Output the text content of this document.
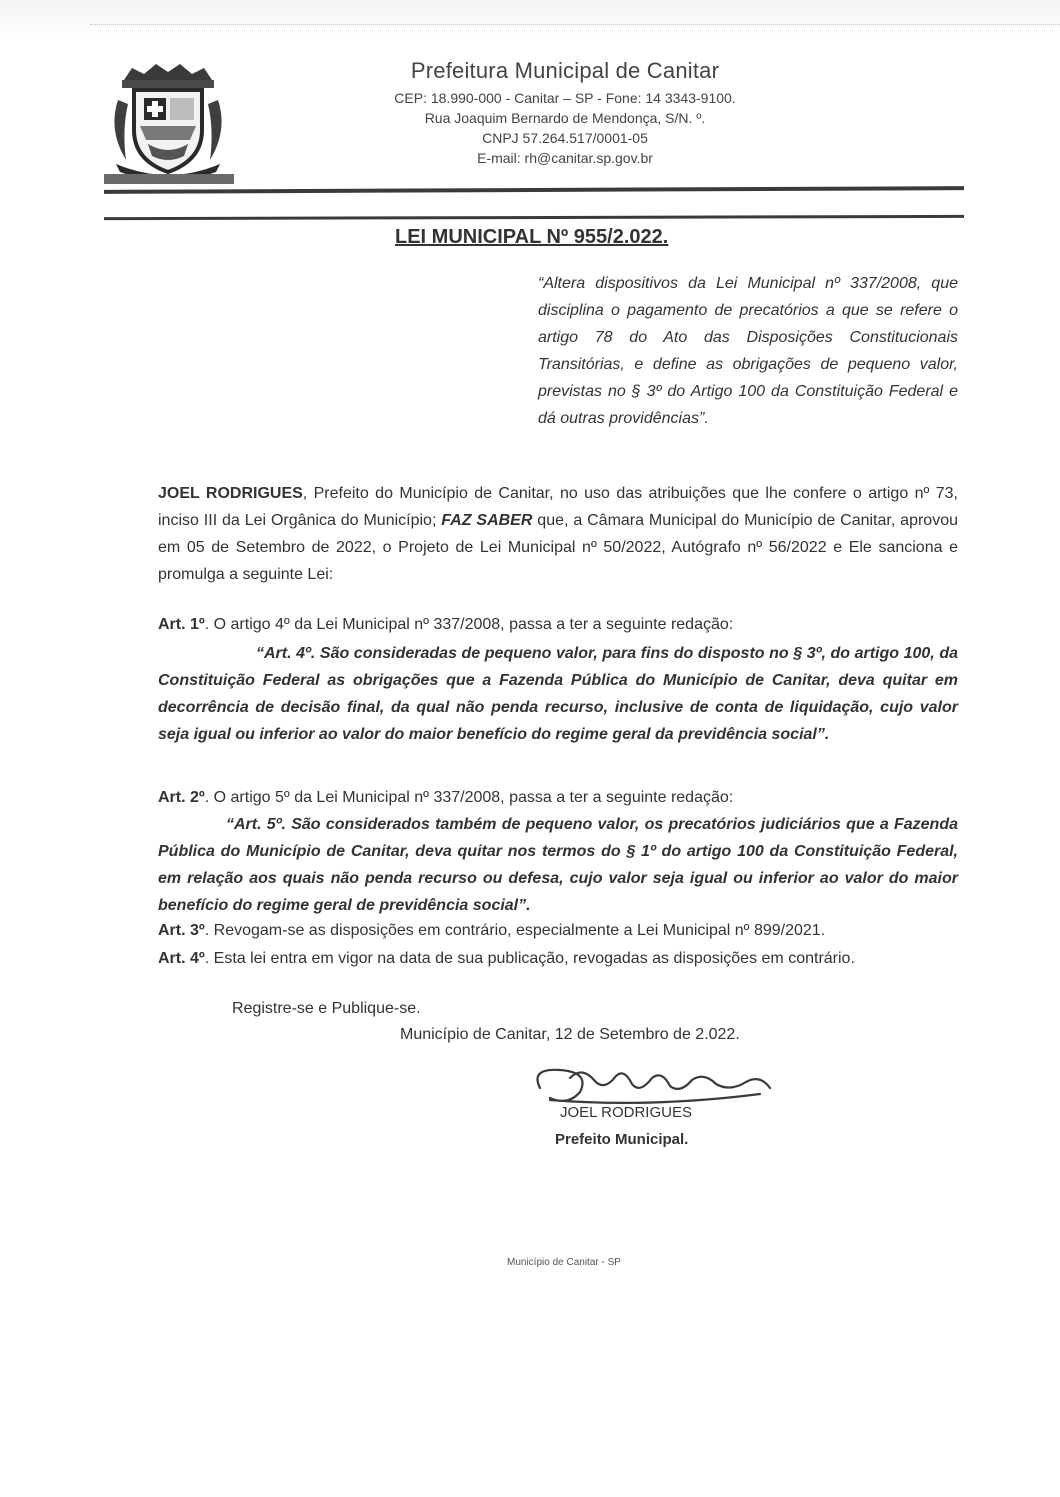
Prefeitura Municipal de Canitar
CEP: 18.990-000 - Canitar – SP - Fone: 14 3343-9100.
Rua Joaquim Bernardo de Mendonça, S/N. º.
CNPJ 57.264.517/0001-05
E-mail: rh@canitar.sp.gov.br
LEI MUNICIPAL Nº 955/2.022.
“Altera dispositivos da Lei Municipal nº 337/2008, que disciplina o pagamento de precatórios a que se refere o artigo 78 do Ato das Disposições Constitucionais Transitórias, e define as obrigações de pequeno valor, previstas no § 3º do Artigo 100 da Constituição Federal e dá outras providências”.
JOEL RODRIGUES, Prefeito do Município de Canitar, no uso das atribuições que lhe confere o artigo nº 73, inciso III da Lei Orgânica do Município; FAZ SABER que, a Câmara Municipal do Município de Canitar, aprovou em 05 de Setembro de 2022, o Projeto de Lei Municipal nº 50/2022, Autógrafo nº 56/2022 e Ele sanciona e promulga a seguinte Lei:
Art. 1º. O artigo 4º da Lei Municipal nº 337/2008, passa a ter a seguinte redação:
“Art. 4º. São consideradas de pequeno valor, para fins do disposto no § 3º, do artigo 100, da Constituição Federal as obrigações que a Fazenda Pública do Município de Canitar, deva quitar em decorrência de decisão final, da qual não penda recurso, inclusive de conta de liquidação, cujo valor seja igual ou inferior ao valor do maior benefício do regime geral da previdência social”.
Art. 2º. O artigo 5º da Lei Municipal nº 337/2008, passa a ter a seguinte redação:
“Art. 5º. São considerados também de pequeno valor, os precatórios judiciários que a Fazenda Pública do Município de Canitar, deva quitar nos termos do § 1º do artigo 100 da Constituição Federal, em relação aos quais não penda recurso ou defesa, cujo valor seja igual ou inferior ao valor do maior benefício do regime geral de previdência social”.
Art. 3º. Revogam-se as disposições em contrário, especialmente a Lei Municipal nº 899/2021.
Art. 4º. Esta lei entra em vigor na data de sua publicação, revogadas as disposições em contrário.
Registre-se e Publique-se.
Município de Canitar, 12 de Setembro de 2.022.
JOEL RODRIGUES
Prefeito Municipal.
Município de Canitar - SP
